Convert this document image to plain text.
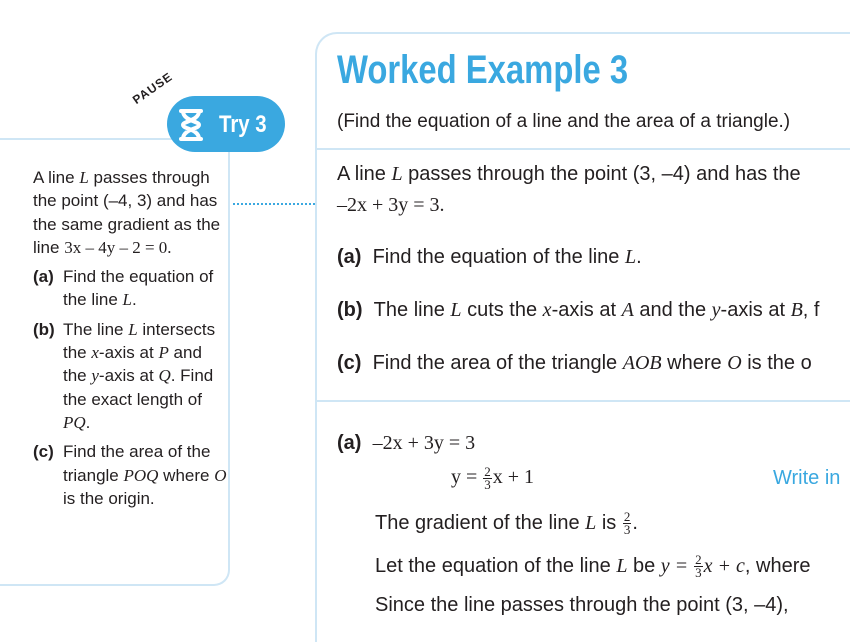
PAUSE
Try 3

A line L passes through the point (–4, 3) and has the same gradient as the line 3x – 4y – 2 = 0.

(a) Find the equation of the line L.
(b) The line L intersects the x-axis at P and the y-axis at Q. Find the exact length of PQ.
(c) Find the area of the triangle POQ where O is the origin.
Worked Example 3
(Find the equation of a line and the area of a triangle.)
A line L passes through the point (3, –4) and has the
–2x + 3y = 3.
(a) Find the equation of the line L.
(b) The line L cuts the x-axis at A and the y-axis at B, f
(c) Find the area of the triangle AOB where O is the o
(a) –2x + 3y = 3
$y = \frac{2}{3}$ x + 1	Write in
The gradient of the line L is $\frac{2}{3}$ .
Let the equation of the line L be $y = \frac{2}{3}$ x + c, where
Since the line passes through the point (3, –4),
